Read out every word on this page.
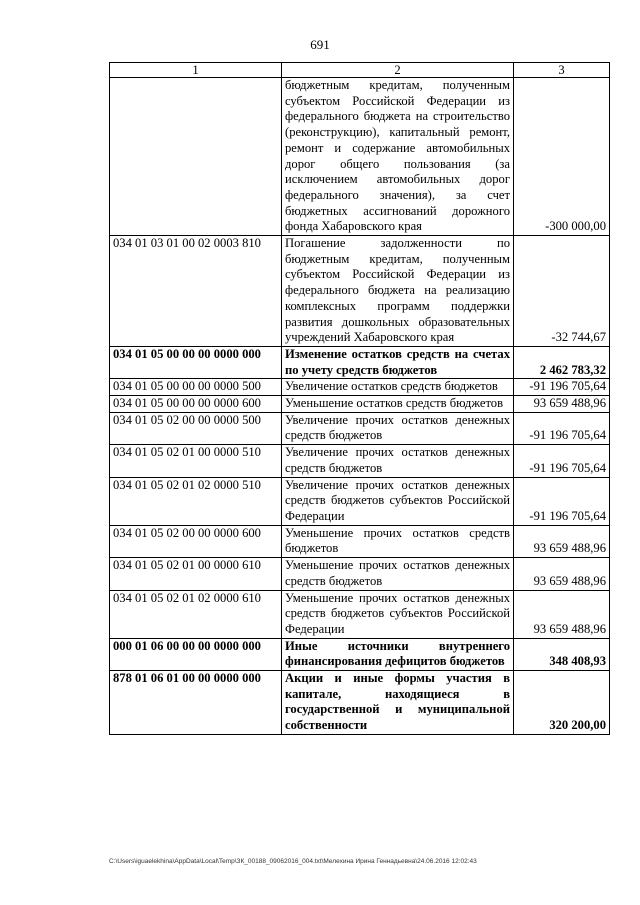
691
1	2	3
	бюджетным кредитам, полученным субъектом Российской Федерации из федерального бюджета на строительство (реконструкцию), капитальный ремонт, ремонт и содержание автомобильных дорог общего пользования (за исключением автомобильных дорог федерального значения), за счет бюджетных ассигнований дорожного фонда Хабаровского края	-300 000,00
034 01 03 01 00 02 0003 810	Погашение задолженности по бюджетным кредитам, полученным субъектом Российской Федерации из федерального бюджета на реализацию комплексных программ поддержки развития дошкольных образовательных учреждений Хабаровского края	-32 744,67
034 01 05 00 00 00 0000 000	Изменение остатков средств на счетах по учету средств бюджетов	2 462 783,32
034 01 05 00 00 00 0000 500	Увеличение остатков средств бюджетов	-91 196 705,64
034 01 05 00 00 00 0000 600	Уменьшение остатков средств бюджетов	93 659 488,96
034 01 05 02 00 00 0000 500	Увеличение прочих остатков денежных средств бюджетов	-91 196 705,64
034 01 05 02 01 00 0000 510	Увеличение прочих остатков денежных средств бюджетов	-91 196 705,64
034 01 05 02 01 02 0000 510	Увеличение прочих остатков денежных средств бюджетов субъектов Российской Федерации	-91 196 705,64
034 01 05 02 00 00 0000 600	Уменьшение прочих остатков средств бюджетов	93 659 488,96
034 01 05 02 01 00 0000 610	Уменьшение прочих остатков денежных средств бюджетов	93 659 488,96
034 01 05 02 01 02 0000 610	Уменьшение прочих остатков денежных средств бюджетов субъектов Российской Федерации	93 659 488,96
000 01 06 00 00 00 0000 000	Иные источники внутреннего финансирования дефицитов бюджетов	348 408,93
878 01 06 01 00 00 0000 000	Акции и иные формы участия в капитале, находящиеся в государственной и муниципальной собственности	320 200,00
C:\Users\iguaelekhina\AppData\Local\Temp\ЗК_00188_09062016_004.txt\Мелехина Ирина Геннадьевна\24.06.2016 12:02:43
